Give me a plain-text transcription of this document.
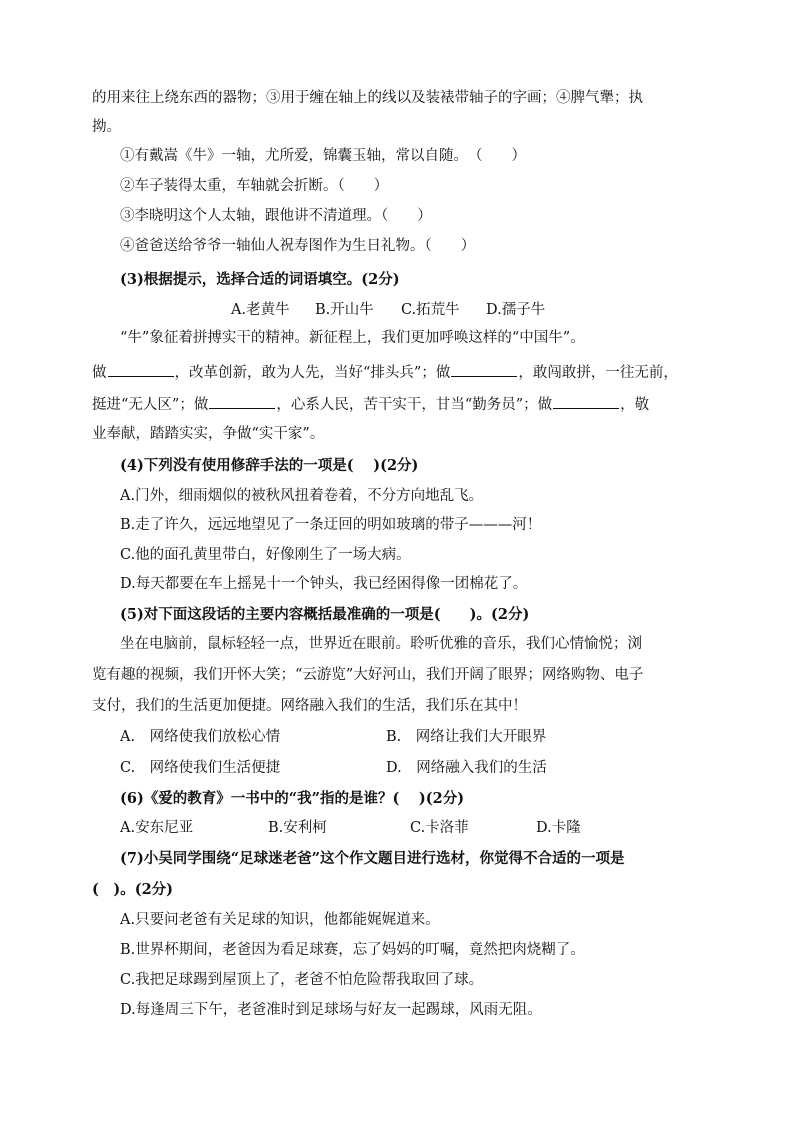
的用来往上绕东西的器物；③用于缠在轴上的线以及装裱带轴子的字画；④脾气犟；执
拗。
①有戴嵩《牛》一轴，尤所爱，锦囊玉轴，常以自随。　（　　）
②车子装得太重，车轴就会折断。（　　）
③李晓明这个人太轴，跟他讲不清道理。（　　）
④爸爸送给爷爷一轴仙人祝寿图作为生日礼物。（　　）
(3)根据提示，选择合适的词语填空。(2分)
A.老黄牛 B.开山牛 C.拓荒牛 D.孺子牛
“牛”象征着拼搏实干的精神。新征程上，我们更加呼唤这样的“中国牛”。
做	，改革创新，敢为人先，当好“排头兵”；做	，敢闯敢拼，一往无前，
挺进“无人区”；做	，心系人民，苦干实干，甘当“勤务员”；做	，敬
业奉献，踏踏实实，争做“实干家”。
(4)下列没有使用修辞手法的一项是(　 )(2分)
A.门外，细雨烟似的被秋风扭着卷着，不分方向地乱飞。
B.走了许久，远远地望见了一条迂回的明如玻璃的带子———河！
C.他的面孔黄里带白，好像刚生了一场大病。
D.每天都要在车上摇晃十一个钟头，我已经困得像一团棉花了。
(5)对下面这段话的主要内容概括最准确的一项是(　　)。(2分)
坐在电脑前，鼠标轻轻一点，世界近在眼前。聆听优雅的音乐，我们心情愉悦；浏
览有趣的视频，我们开怀大笑；“云游览”大好河山，我们开阔了眼界；网络购物、电子
支付，我们的生活更加便捷。网络融入我们的生活，我们乐在其中！
A.　网络使我们放松心情	B.　网络让我们大开眼界
C.　网络使我们生活便捷	D.　网络融入我们的生活
(6)《爱的教育》一书中的“我”指的是谁？(　 )(2分)
A.安东尼亚	B.安利柯	C.卡洛菲	D.卡隆
(7)小吴同学围绕“足球迷老爸”这个作文题目进行选材，你觉得不合适的一项是
(　)。(2分)
A.只要问老爸有关足球的知识，他都能娓娓道来。
B.世界杯期间，老爸因为看足球赛，忘了妈妈的叮嘱，竟然把肉烧糊了。
C.我把足球踢到屋顶上了，老爸不怕危险帮我取回了球。
D.每逢周三下午，老爸准时到足球场与好友一起踢球，风雨无阻。
